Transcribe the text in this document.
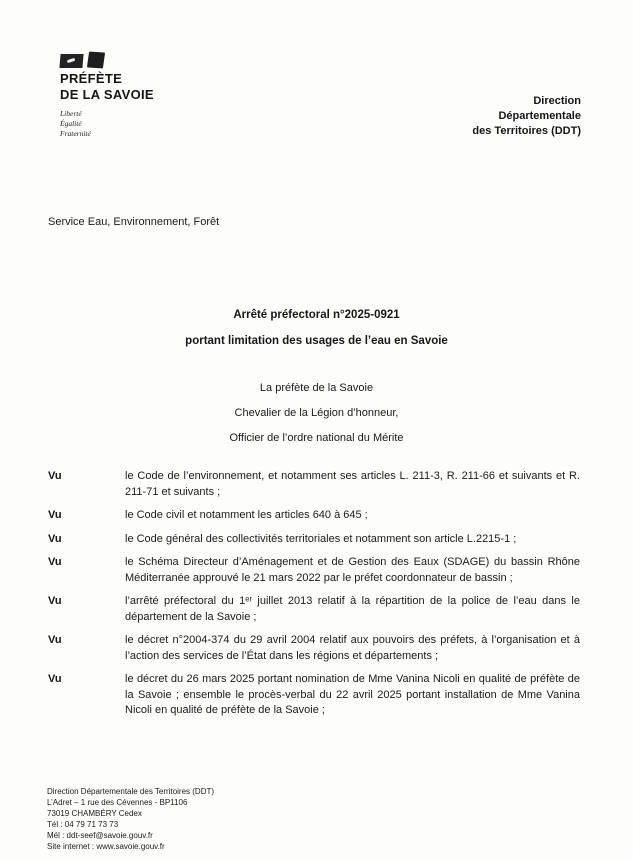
PRÉFÈTE
DE LA SAVOIE
Liberté
Égalité
Fraternité
Direction
Départementale
des Territoires (DDT)
Service Eau, Environnement, Forêt
Arrêté préfectoral n°2025-0921
portant limitation des usages de l’eau en Savoie
La préfète de la Savoie
Chevalier de la Légion d’honneur,
Officier de l’ordre national du Mérite
Vu	le Code de l’environnement, et notamment ses articles L. 211-3, R. 211-66 et suivants et R. 211-71 et suivants ;
Vu	le Code civil et notamment les articles 640 à 645 ;
Vu	le Code général des collectivités territoriales et notamment son article L.2215-1 ;
Vu	le Schéma Directeur d’Aménagement et de Gestion des Eaux (SDAGE) du bassin Rhône Méditerranée approuvé le 21 mars 2022 par le préfet coordonnateur de bassin ;
Vu	l’arrêté préfectoral du 1ᵉʳ juillet 2013 relatif à la répartition de la police de l’eau dans le département de la Savoie ;
Vu	le décret n°2004-374 du 29 avril 2004 relatif aux pouvoirs des préfets, à l’organisation et à l’action des services de l’État dans les régions et départements ;
Vu	le décret du 26 mars 2025 portant nomination de Mme Vanina Nicoli en qualité de préfète de la Savoie ; ensemble le procès-verbal du 22 avril 2025 portant installation de Mme Vanina Nicoli en qualité de préfète de la Savoie ;
Direction Départementale des Territoires (DDT)
L’Adret – 1 rue des Cévennes - BP1106
73019 CHAMBÉRY Cedex
Tél : 04 79 71 73 73
Mél : ddt-seef@savoie.gouv.fr
Site internet : www.savoie.gouv.fr
